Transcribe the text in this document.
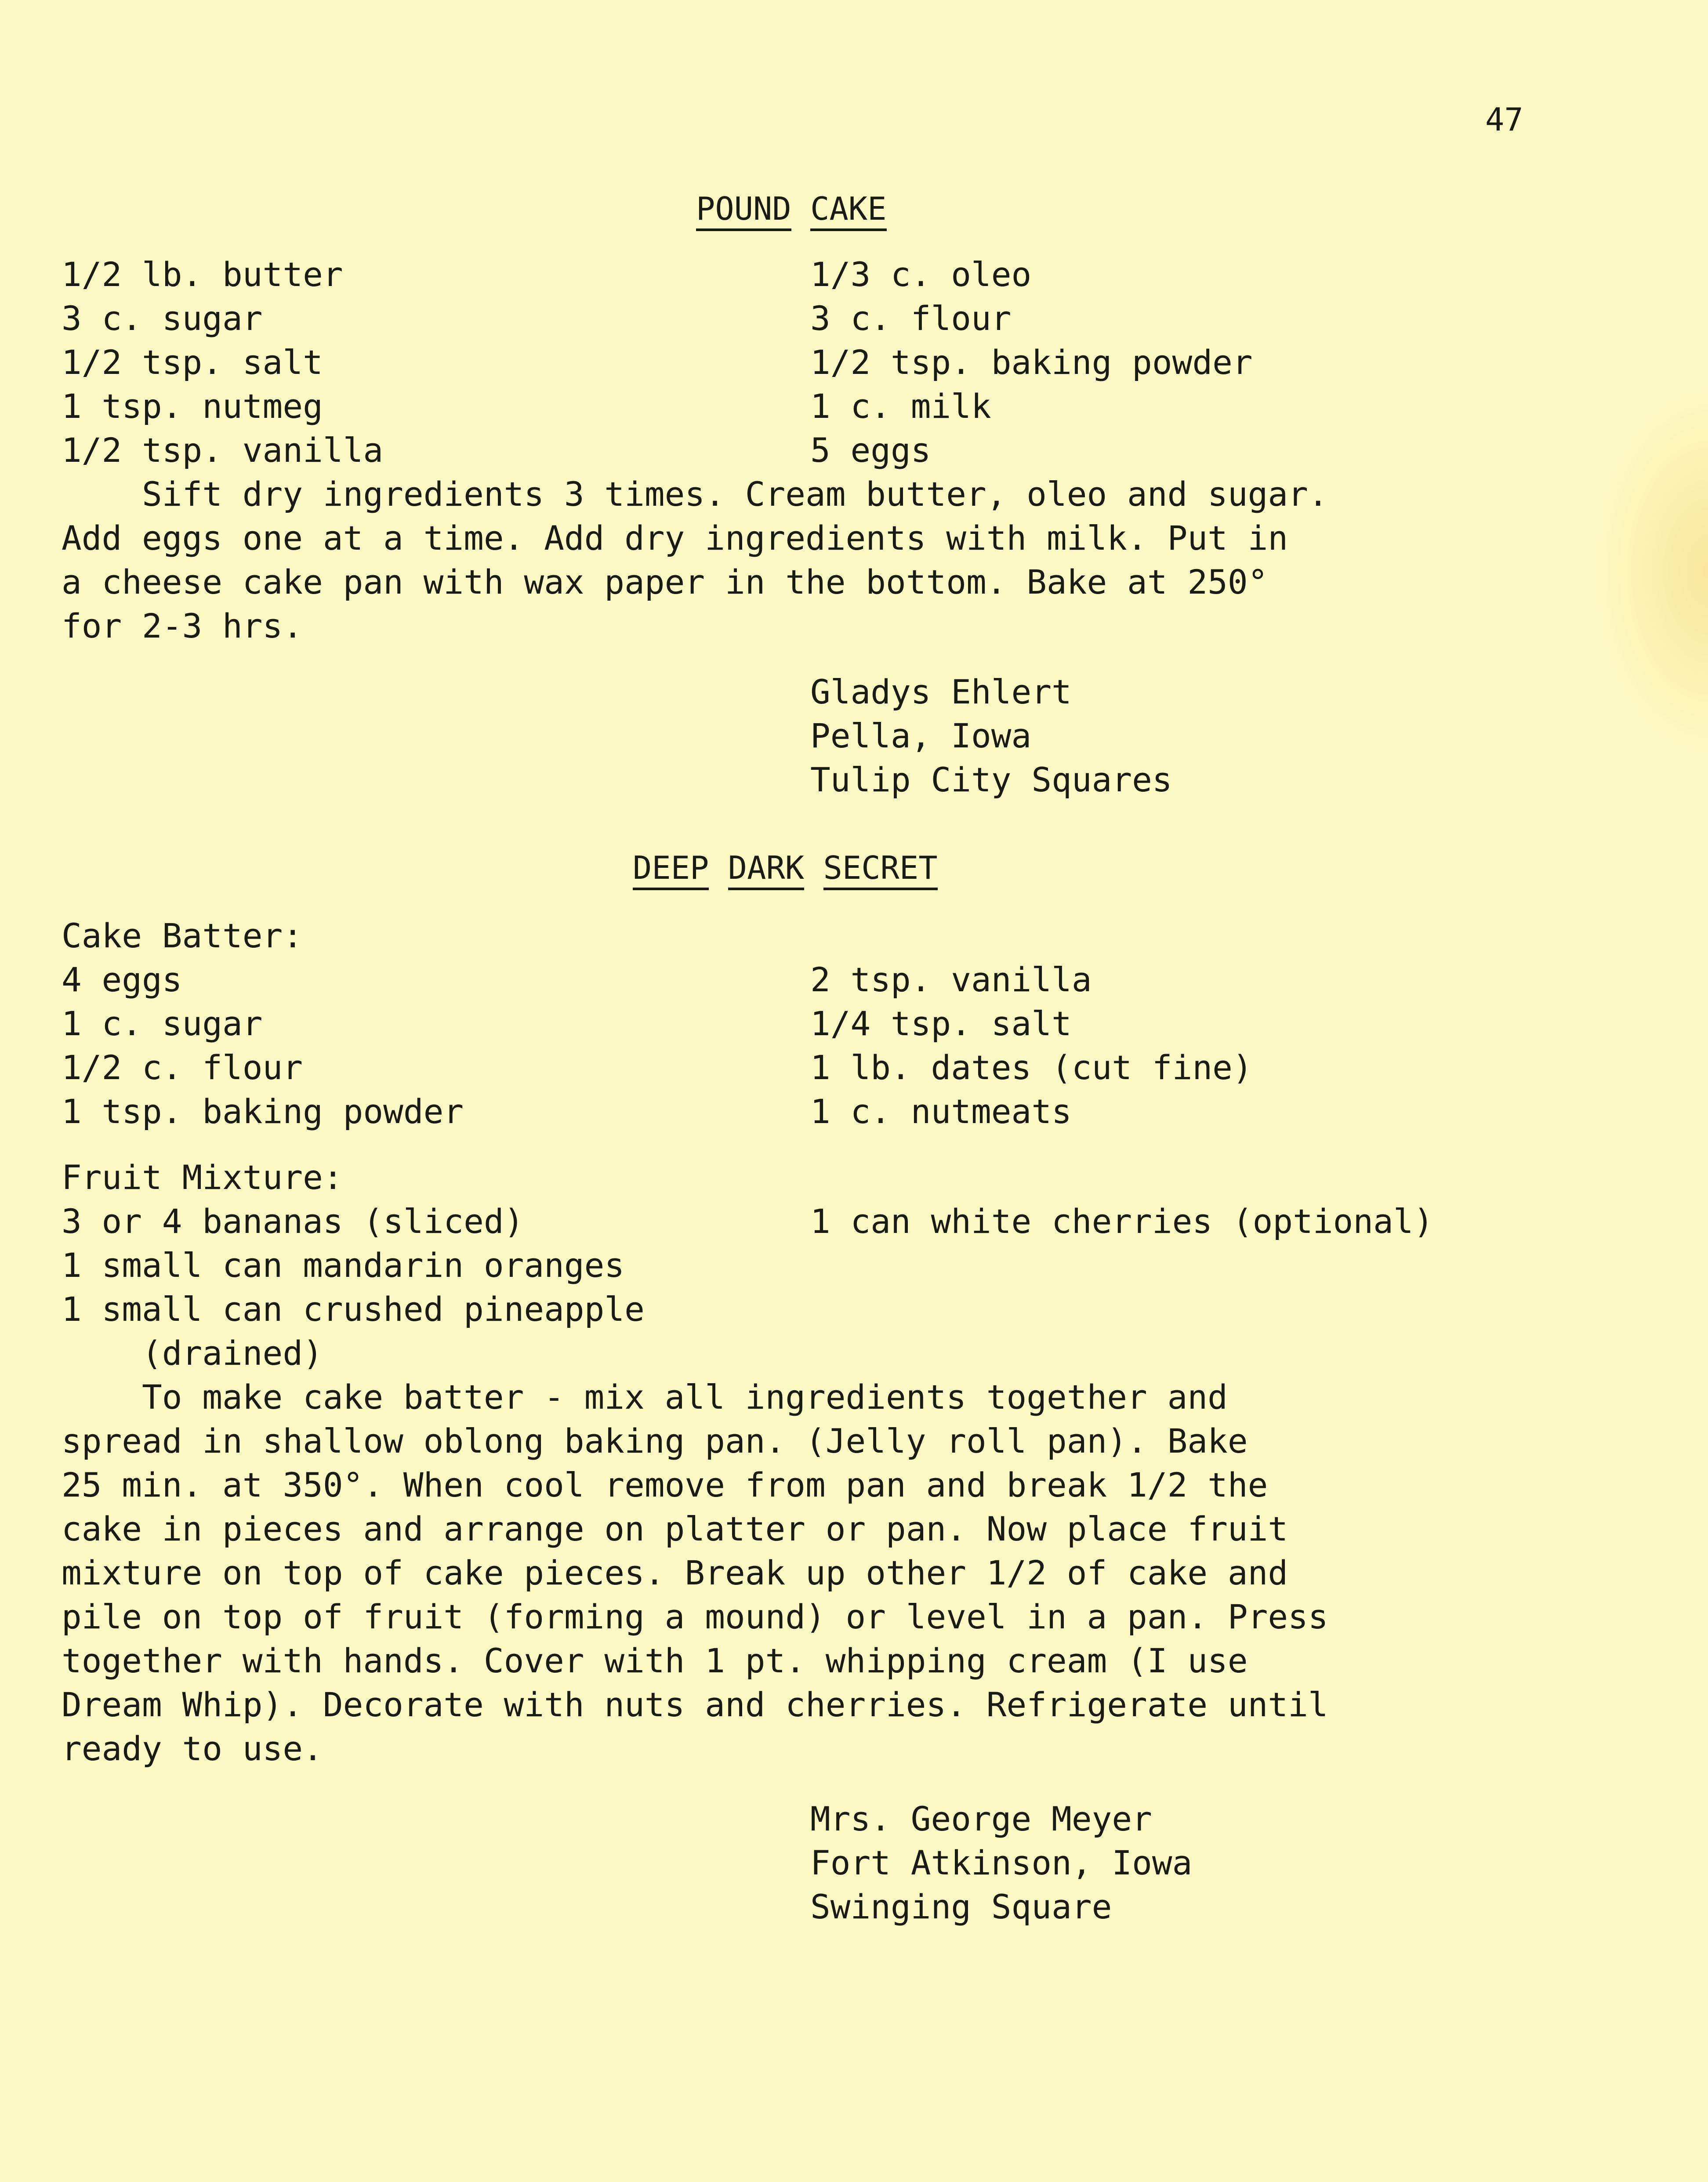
47
POUND CAKE
1/2 lb. butter
3 c. sugar
1/2 tsp. salt
1 tsp. nutmeg
1/2 tsp. vanilla
1/3 c. oleo
3 c. flour
1/2 tsp. baking powder
1 c. milk
5 eggs
Sift dry ingredients 3 times. Cream butter, oleo and sugar.
Add eggs one at a time. Add dry ingredients with milk. Put in
a cheese cake pan with wax paper in the bottom. Bake at 250°
for 2-3 hrs.
Gladys Ehlert
Pella, Iowa
Tulip City Squares
DEEP DARK SECRET
Cake Batter:
4 eggs
1 c. sugar
1/2 c. flour
1 tsp. baking powder
2 tsp. vanilla
1/4 tsp. salt
1 lb. dates (cut fine)
1 c. nutmeats
Fruit Mixture:
3 or 4 bananas (sliced)
1 small can mandarin oranges
1 small can crushed pineapple
(drained)
1 can white cherries (optional)
To make cake batter - mix all ingredients together and
spread in shallow oblong baking pan. (Jelly roll pan). Bake
25 min. at 350°. When cool remove from pan and break 1/2 the
cake in pieces and arrange on platter or pan. Now place fruit
mixture on top of cake pieces. Break up other 1/2 of cake and
pile on top of fruit (forming a mound) or level in a pan. Press
together with hands. Cover with 1 pt. whipping cream (I use
Dream Whip). Decorate with nuts and cherries. Refrigerate until
ready to use.
Mrs. George Meyer
Fort Atkinson, Iowa
Swinging Square
